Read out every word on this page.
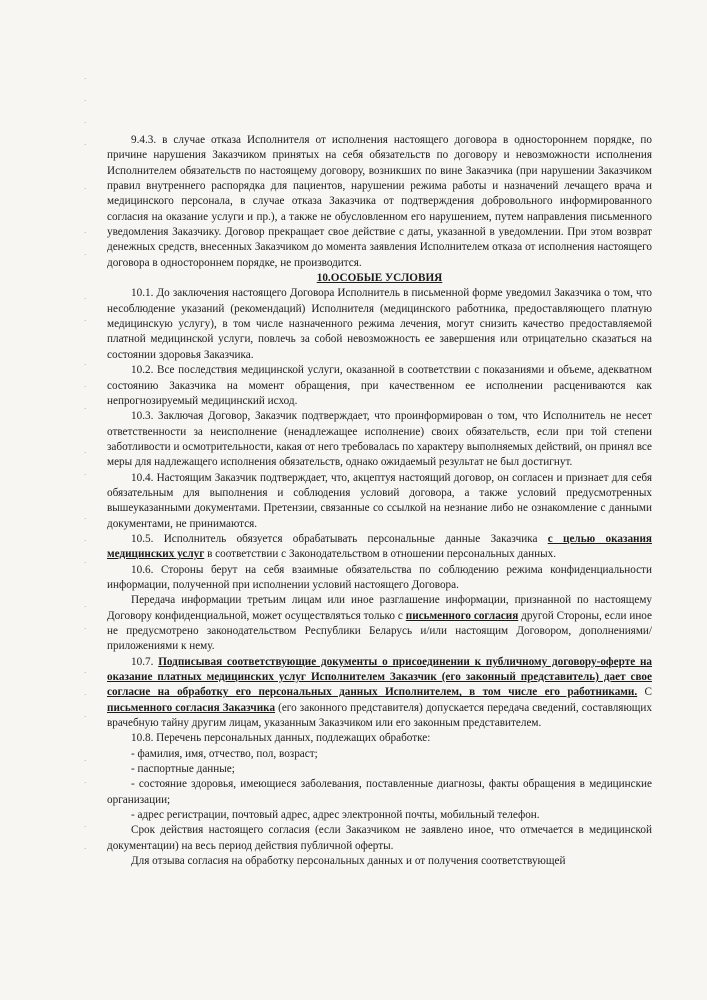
·
·
·
·
·
·
·
·
·
·
·
·
·
·
·
·
·
·
·
·
·
·
·
·
·
·

9.4.3. в случае отказа Исполнителя от исполнения настоящего договора в одностороннем порядке, по причине нарушения Заказчиком принятых на себя обязательств по договору и невозможности исполнения Исполнителем обязательств по настоящему договору, возникших по вине Заказчика (при нарушении Заказчиком правил внутреннего распорядка для пациентов, нарушении режима работы и назначений лечащего врача и медицинского персонала, в случае отказа Заказчика от подтверждения добровольного информированного согласия на оказание услуги и пр.), а также не обусловленном его нарушением, путем направления письменного уведомления Заказчику. Договор прекращает свое действие с даты, указанной в уведомлении. При этом возврат денежных средств, внесенных Заказчиком до момента заявления Исполнителем отказа от исполнения настоящего договора в одностороннем порядке, не производится.

10.ОСОБЫЕ УСЛОВИЯ

10.1. До заключения настоящего Договора Исполнитель в письменной форме уведомил Заказчика о том, что несоблюдение указаний (рекомендаций) Исполнителя (медицинского работника, предоставляющего платную медицинскую услугу), в том числе назначенного режима лечения, могут снизить качество предоставляемой платной медицинской услуги, повлечь за собой невозможность ее завершения или отрицательно сказаться на состоянии здоровья Заказчика.

10.2. Все последствия медицинской услуги, оказанной в соответствии с показаниями и объеме, адекватном состоянию Заказчика на момент обращения, при качественном ее исполнении расцениваются как непрогнозируемый медицинский исход.

10.3. Заключая Договор, Заказчик подтверждает, что проинформирован о том, что Исполнитель не несет ответственности за неисполнение (ненадлежащее исполнение) своих обязательств, если при той степени заботливости и осмотрительности, какая от него требовалась по характеру выполняемых действий, он принял все меры для надлежащего исполнения обязательств, однако ожидаемый результат не был достигнут.

10.4. Настоящим Заказчик подтверждает, что, акцептуя настоящий договор, он согласен и признает для себя обязательным для выполнения и соблюдения условий договора, а также условий предусмотренных вышеуказанными документами. Претензии, связанные со ссылкой на незнание либо не ознакомление с данными документами, не принимаются.

10.5. Исполнитель обязуется обрабатывать персональные данные Заказчика с целью оказания медицинских услуг в соответствии с Законодательством в отношении персональных данных.

10.6. Стороны берут на себя взаимные обязательства по соблюдению режима конфиденциальности информации, полученной при исполнении условий настоящего Договора.

Передача информации третьим лицам или иное разглашение информации, признанной по настоящему Договору конфиденциальной, может осуществляться только с письменного согласия другой Стороны, если иное не предусмотрено законодательством Республики Беларусь и/или настоящим Договором, дополнениями/приложениями к нему.

10.7. Подписывая соответствующие документы о присоединении к публичному договору-оферте на оказание платных медицинских услуг Исполнителем Заказчик (его законный представитель) дает свое согласие на обработку его персональных данных Исполнителем, в том числе его работниками. С письменного согласия Заказчика (его законного представителя) допускается передача сведений, составляющих врачебную тайну другим лицам, указанным Заказчиком или его законным представителем.

10.8. Перечень персональных данных, подлежащих обработке:

- фамилия, имя, отчество, пол, возраст;

- паспортные данные;

- состояние здоровья, имеющиеся заболевания, поставленные диагнозы, факты обращения в медицинские организации;

- адрес регистрации, почтовый адрес, адрес электронной почты, мобильный телефон.

Срок действия настоящего согласия (если Заказчиком не заявлено иное, что отмечается в медицинской документации) на весь период действия публичной оферты.

Для отзыва согласия на обработку персональных данных и от получения соответствующей
